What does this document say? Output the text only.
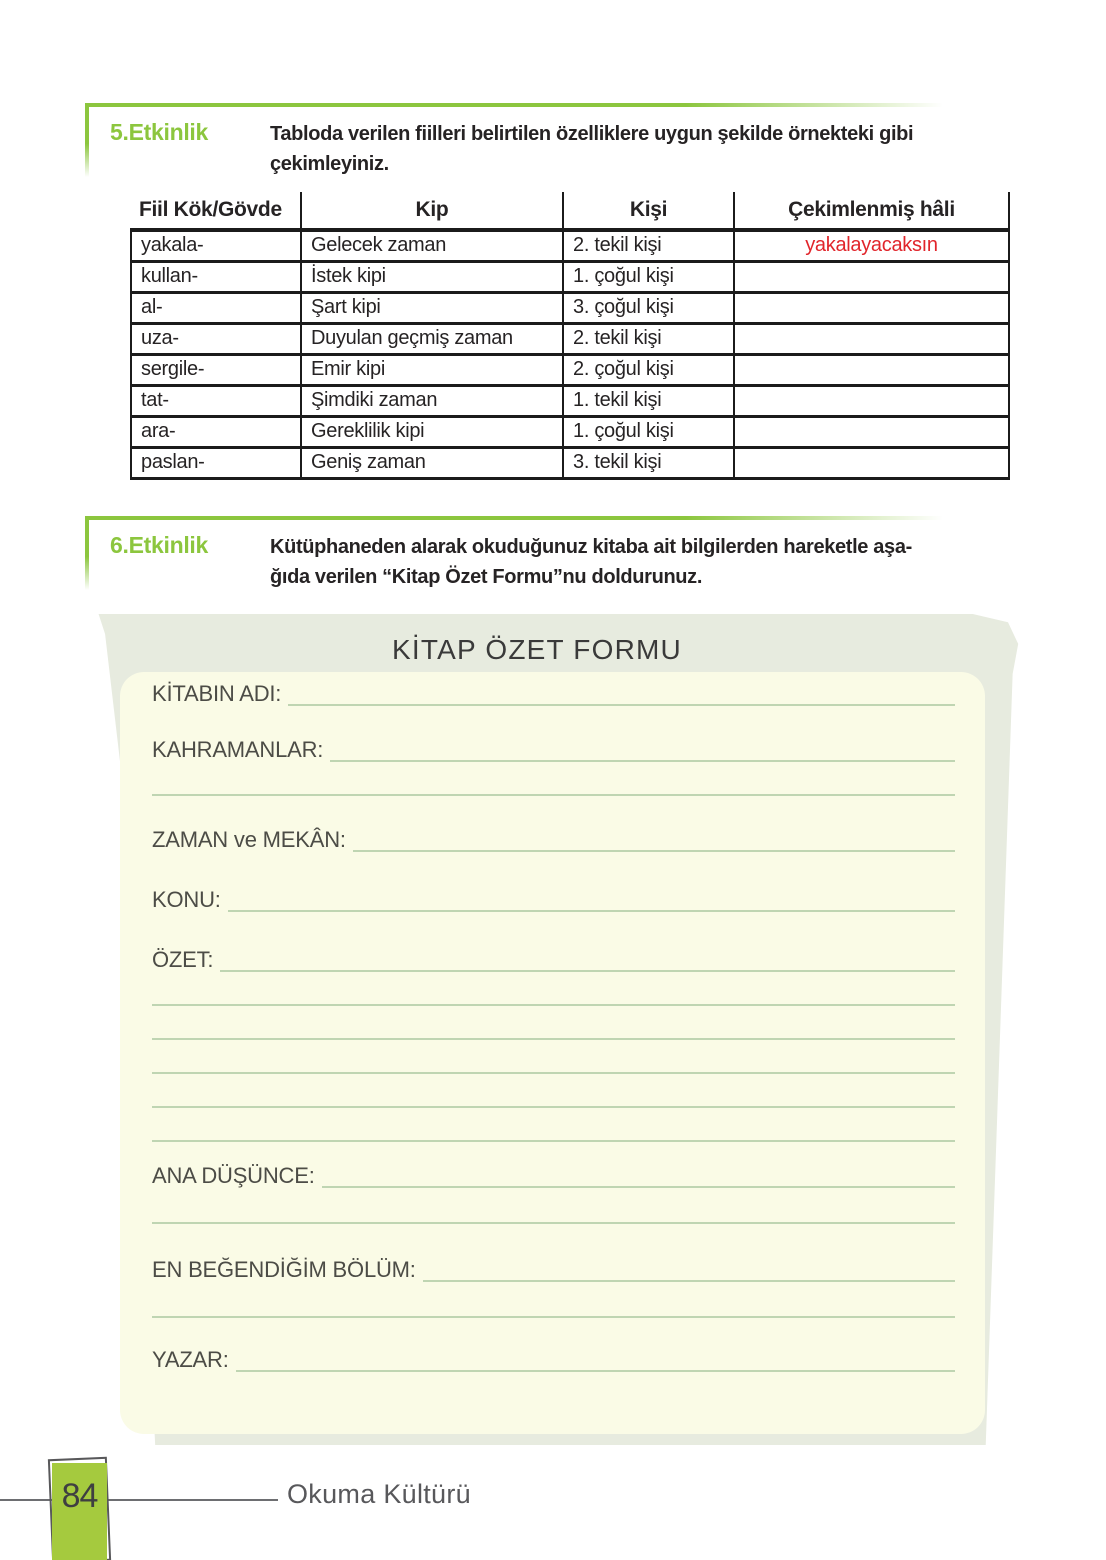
5.Etkinlik	Tabloda verilen fiilleri belirtilen özelliklere uygun şekilde örnekteki gibi
çekimleyiniz.
Fiil Kök/Gövde	Kip	Kişi	Çekimlenmiş hâli
yakala-	Gelecek zaman	2. tekil kişi	yakalayacaksın
kullan-	İstek kipi	1. çoğul kişi	
al-	Şart kipi	3. çoğul kişi	
uza-	Duyulan geçmiş zaman	2. tekil kişi	
sergile-	Emir kipi	2. çoğul kişi	
tat-	Şimdiki zaman	1. tekil kişi	
ara-	Gereklilik kipi	1. çoğul kişi	
paslan-	Geniş zaman	3. tekil kişi	
6.Etkinlik	Kütüphaneden alarak okuduğunuz kitaba ait bilgilerden hareketle aşa-
ğıda verilen “Kitap Özet Formu”nu doldurunuz.
KİTAP ÖZET FORMU
KİTABIN ADI:
KAHRAMANLAR:
ZAMAN ve MEKÂN:
KONU:
ÖZET:
ANA DÜŞÜNCE:
EN BEĞENDİĞİM BÖLÜM:
YAZAR:
84	Okuma Kültürü
